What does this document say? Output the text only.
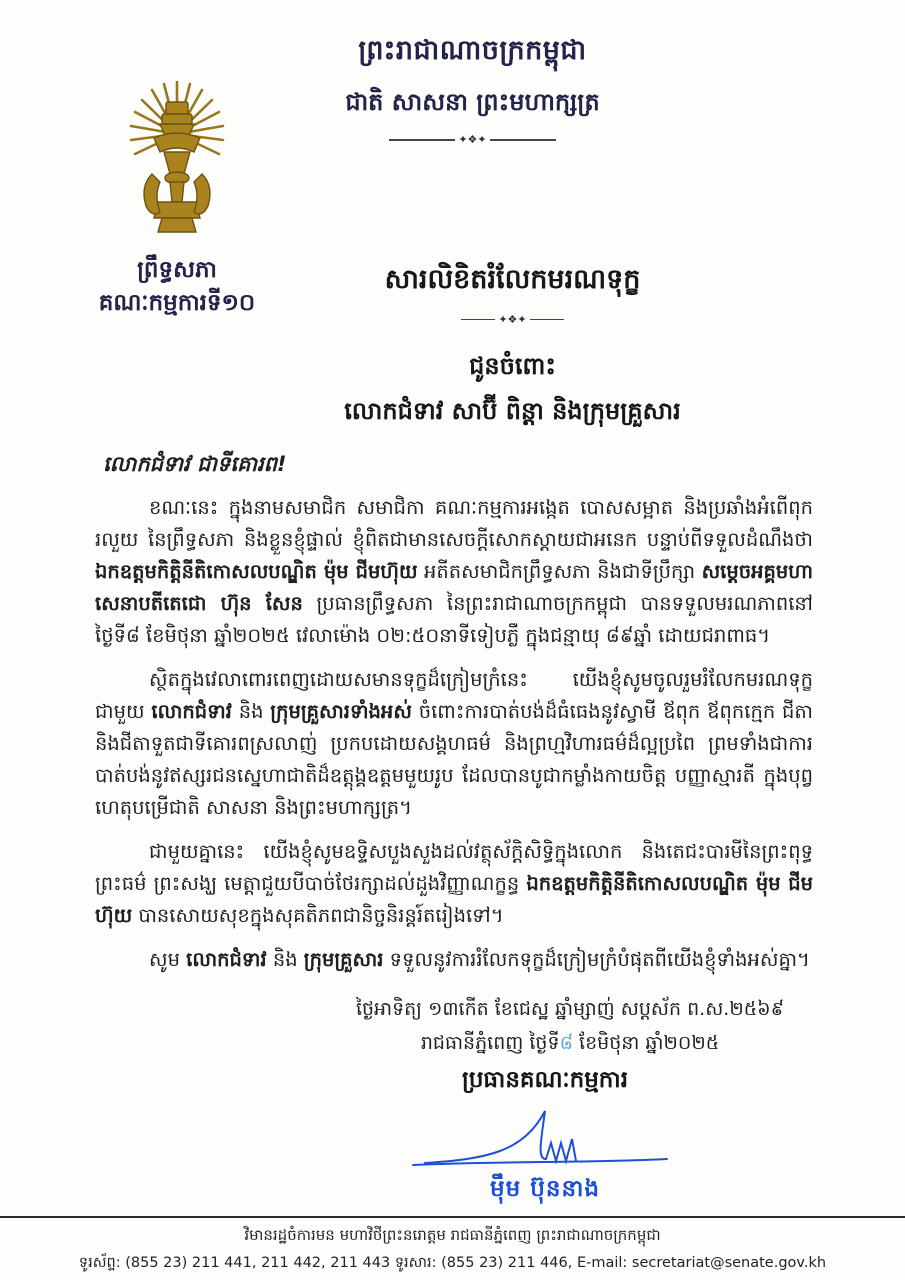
ព្រះរាជាណាចក្រកម្ពុជា
ជាតិ សាសនា ព្រះមហាក្សត្រ
✦❖✦
ព្រឹទ្ធសភា
គណៈកម្មការទី១០
សារលិខិតរំលែកមរណទុក្ខ
✦❖✦
ជូនចំពោះ
លោកជំទាវ សាប៊ី ពិន្ដា និងក្រុមគ្រួសារ
លោកជំទាវ ជាទីគោរព!

ខណៈនេះ ក្នុងនាមសមាជិក សមាជិកា គណៈកម្មការអង្កេត បោសសម្អាត និងប្រឆាំងអំពើពុករលួយ នៃព្រឹទ្ធសភា និងខ្លួនខ្ញុំផ្ទាល់ ខ្ញុំពិតជាមានសេចក្ដីសោកស្ដាយជាអនេក បន្ទាប់ពីទទួលដំណឹងថា ឯកឧត្តមកិត្តិនីតិកោសលបណ្ឌិត ម៉ុម ជីមហ៊ុយ អតីតសមាជិកព្រឹទ្ធសភា និងជាទីប្រឹក្សា សម្ដេចអគ្គមហាសេនាបតីតេជោ ហ៊ុន សែន ប្រធានព្រឹទ្ធសភា នៃព្រះរាជាណាចក្រកម្ពុជា បានទទួលមរណភាពនៅថ្ងៃទី៨ ខែមិថុនា ឆ្នាំ២០២៥ វេលាម៉ោង ០២:៥០នាទីទៀបភ្លឺ ក្នុងជន្មាយុ ៨៩ឆ្នាំ ដោយជរាពាធ។

ស្ថិតក្នុងវេលាពោរពេញដោយសមានទុក្ខដ៏ក្រៀមក្រំនេះ យើងខ្ញុំសូមចូលរួមរំលែកមរណទុក្ខជាមួយ លោកជំទាវ និង ក្រុមគ្រួសារទាំងអស់ ចំពោះការបាត់បង់ដ៏ធំធេងនូវស្វាមី ឪពុក ឪពុកក្មេក ជីតា និងជីតាទួតជាទីគោរពស្រលាញ់ ប្រកបដោយសង្គហធម៌ និងព្រហ្មវិហារធម៌ដ៏ល្អប្រពៃ ព្រមទាំងជាការបាត់បង់នូវឥស្សរជនស្នេហាជាតិដ៏ឧត្តុង្គឧត្តមមួយរូប ដែលបានបូជាកម្លាំងកាយចិត្ត បញ្ញាស្មារតី ក្នុងបុព្វហេតុបម្រើជាតិ សាសនា និងព្រះមហាក្សត្រ។

ជាមួយគ្នានេះ យើងខ្ញុំសូមឧទ្ទិសបួងសួងដល់វត្ថុស័ក្ដិសិទ្ធិក្នុងលោក និងតេជះបារមីនៃព្រះពុទ្ធ ព្រះធម៌ ព្រះសង្ឃ មេត្តាជួយបីបាច់ថែរក្សាដល់ដួងវិញ្ញាណក្ខន្ធ ឯកឧត្តមកិត្តិនីតិកោសលបណ្ឌិត ម៉ុម ជីមហ៊ុយ បានសោយសុខក្នុងសុគតិភពជានិច្ចនិរន្តរ៍តរៀងទៅ។

សូម លោកជំទាវ និង ក្រុមគ្រួសារ ទទួលនូវការរំលែកទុក្ខដ៏ក្រៀមក្រំបំផុតពីយើងខ្ញុំទាំងអស់គ្នា។

ថ្ងៃអាទិត្យ ១៣កើត ខែជេស្ឋ ឆ្នាំម្សាញ់ សប្ដស័ក ព.ស.២៥៦៩
រាជធានីភ្នំពេញ ថ្ងៃទី៨ ខែមិថុនា ឆ្នាំ២០២៥
ប្រធានគណៈកម្មការ
ម៉ឹម ប៊ុននាង
វិមានរដ្ឋចំការមន មហាវិថីព្រះនរោត្តម រាជធានីភ្នំពេញ ព្រះរាជាណាចក្រកម្ពុជា
ទូរស័ព្ទ: (855 23) 211 441, 211 442, 211 443 ទូរសារ: (855 23) 211 446, E-mail: secretariat@senate.gov.kh
